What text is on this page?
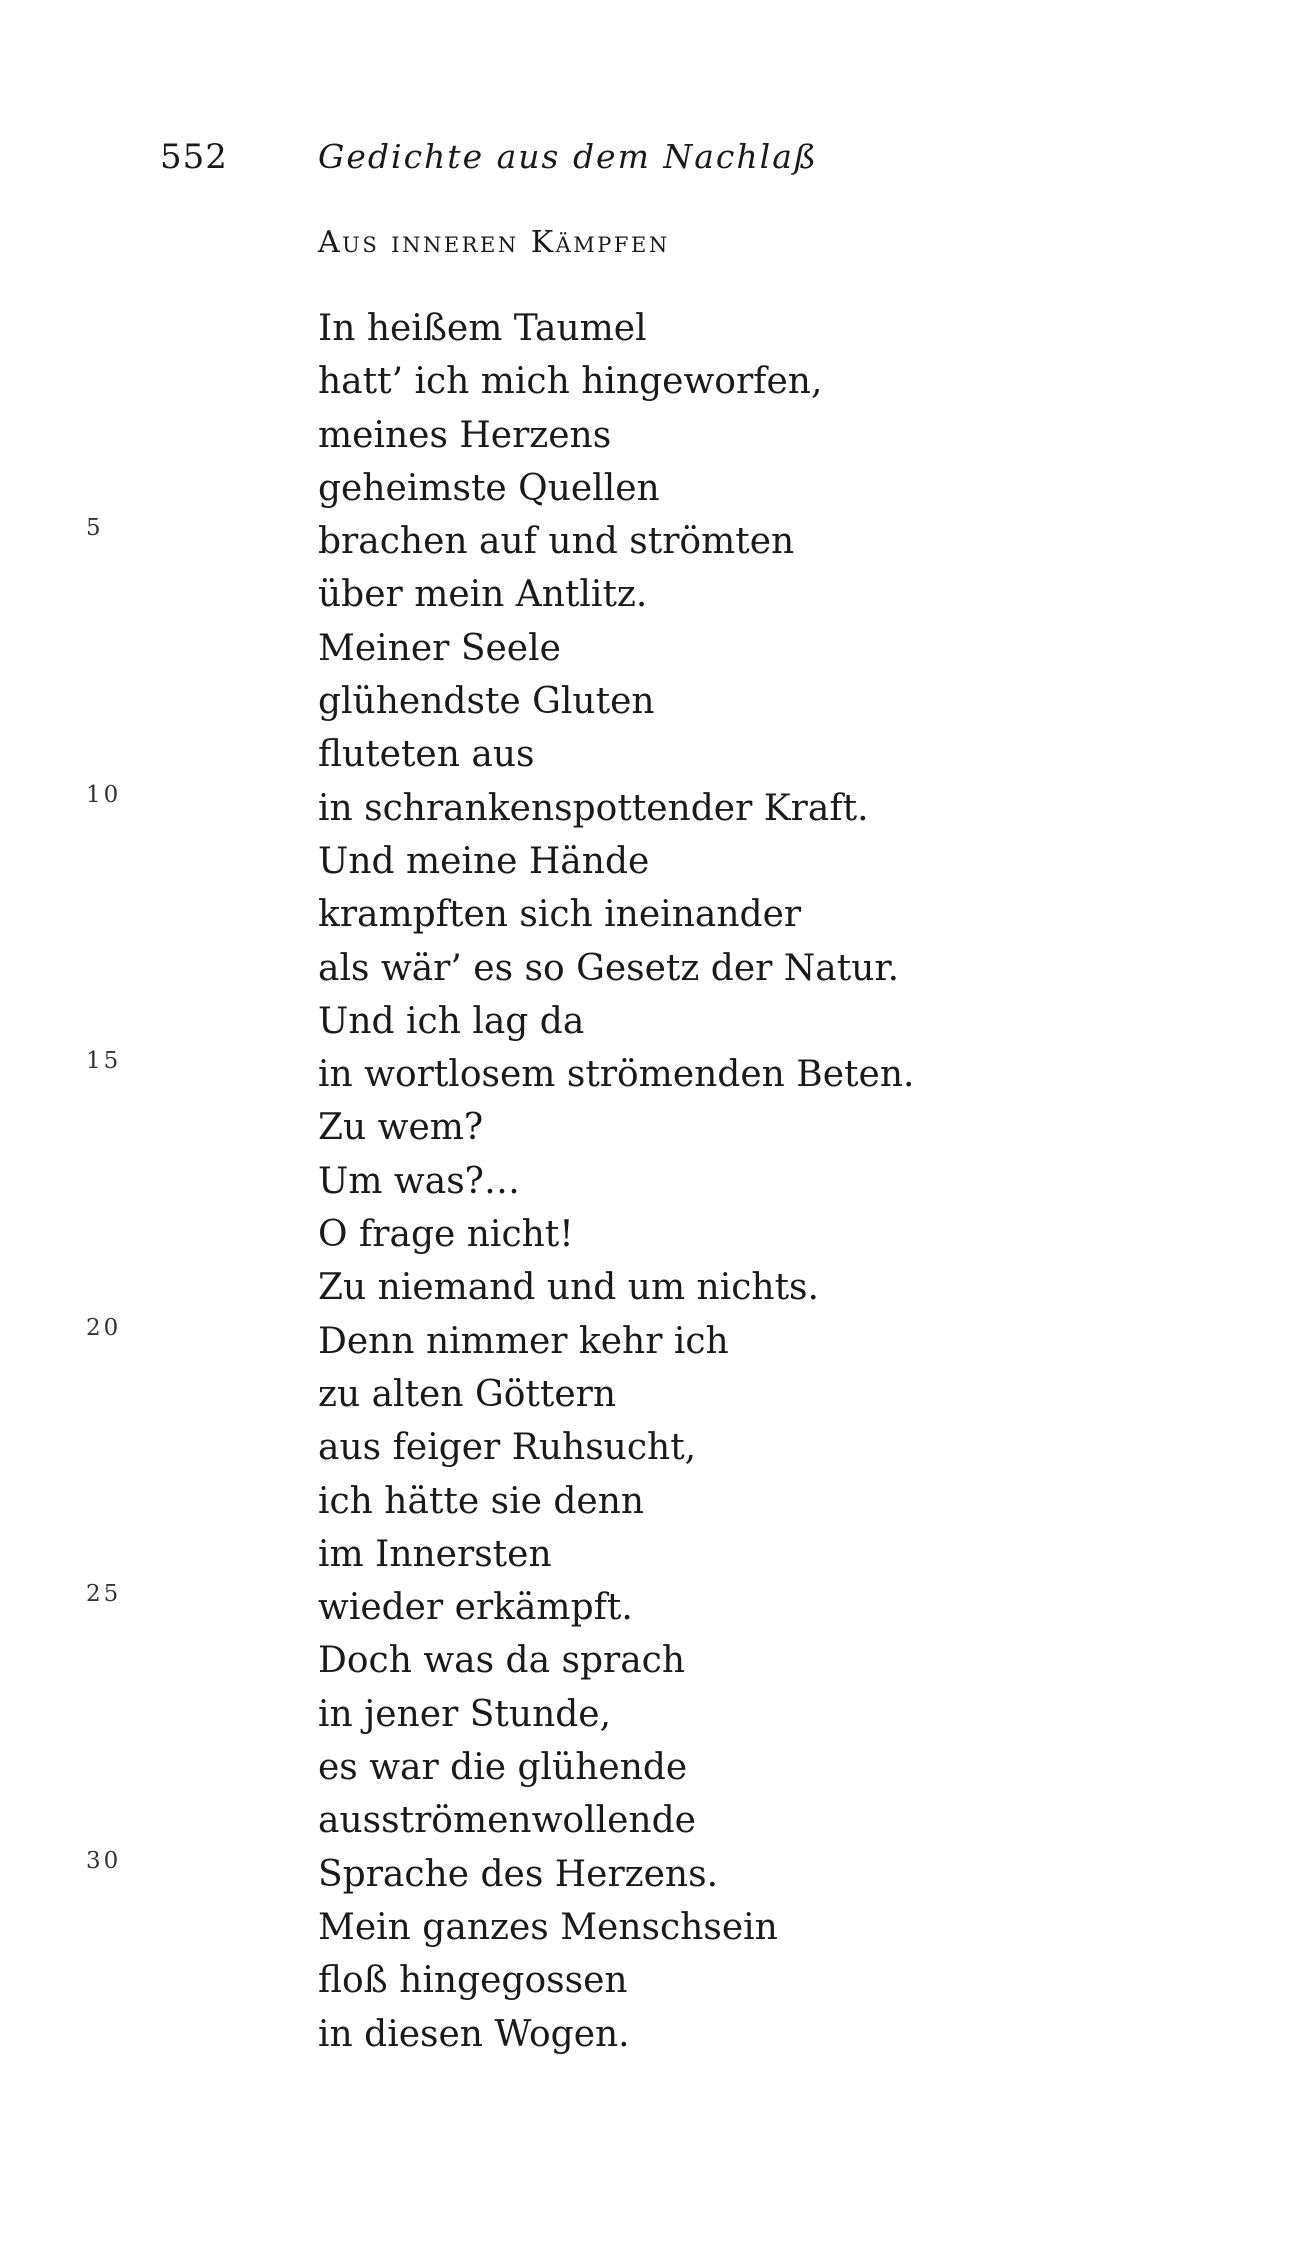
552	Gedichte aus dem Nachlaß
Aus inneren Kämpfen
5
10
15
20
25
30
In heißem Taumel
hatt’ ich mich hingeworfen,
meines Herzens
geheimste Quellen
brachen auf und strömten
über mein Antlitz.
Meiner Seele
glühendste Gluten
fluteten aus
in schrankenspottender Kraft.
Und meine Hände
krampften sich ineinander
als wär’ es so Gesetz der Natur.
Und ich lag da
in wortlosem strömenden Beten.
Zu wem?
Um was?…
O frage nicht!
Zu niemand und um nichts.
Denn nimmer kehr ich
zu alten Göttern
aus feiger Ruhsucht,
ich hätte sie denn
im Innersten
wieder erkämpft.
Doch was da sprach
in jener Stunde,
es war die glühende
ausströmenwollende
Sprache des Herzens.
Mein ganzes Menschsein
floß hingegossen
in diesen Wogen.
